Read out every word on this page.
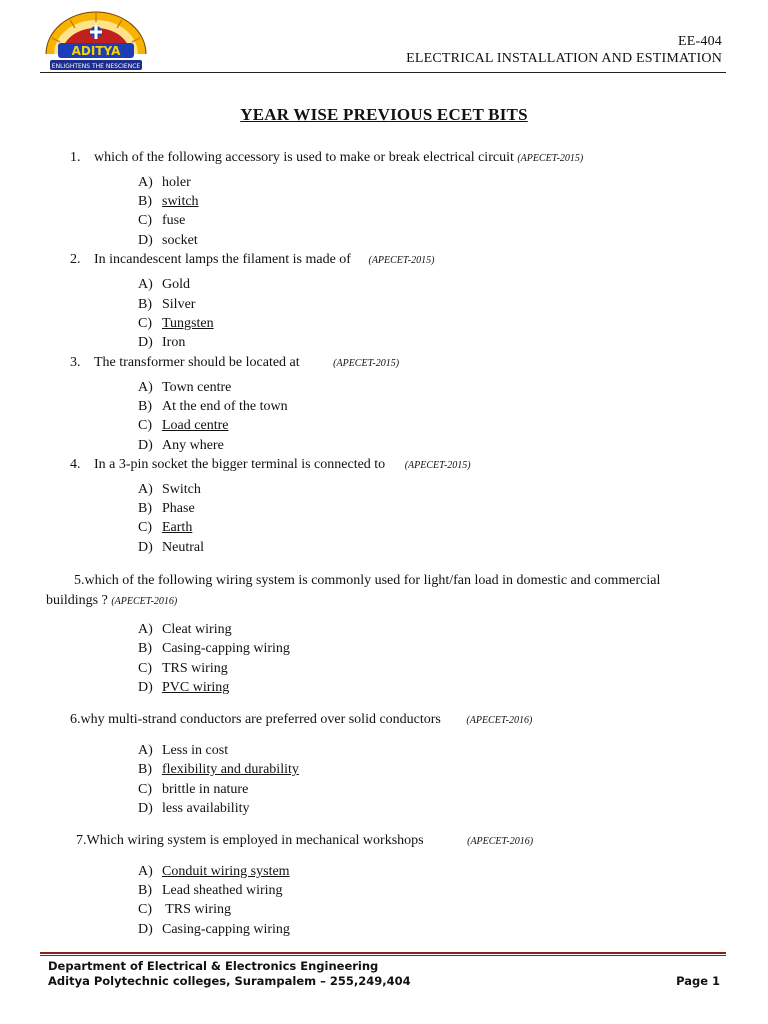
ADITYA
ENLIGHTENS THE NESCIENCE
EE-404
ELECTRICAL INSTALLATION AND ESTIMATION
YEAR WISE PREVIOUS ECET BITS
1. which of the following accessory is used to make or break electrical circuit (APECET-2015)
A) holer
B) switch
C) fuse
D) socket
2. In incandescent lamps the filament is made of (APECET-2015)
A) Gold
B) Silver
C) Tungsten
D) Iron
3. The transformer should be located at	(APECET-2015)
A) Town centre
B) At the end of the town
C) Load centre
D) Any where
4. In a 3-pin socket the bigger terminal is connected to (APECET-2015)
A) Switch
B) Phase
C) Earth
D) Neutral
5.which of the following wiring system is commonly used for light/fan load in domestic and commercial buildings ? (APECET-2016)
A) Cleat wiring
B) Casing-capping wiring
C) TRS wiring
D) PVC wiring
6.why multi-strand conductors are preferred over solid conductors	(APECET-2016)
A) Less in cost
B) flexibility and durability
C) brittle in nature
D) less availability
7.Which wiring system is employed in mechanical workshops	(APECET-2016)
A) Conduit wiring system
B) Lead sheathed wiring
C) TRS wiring
D) Casing-capping wiring
Department of Electrical & Electronics Engineering
Aditya Polytechnic colleges, Surampalem – 255,249,404	Page 1
